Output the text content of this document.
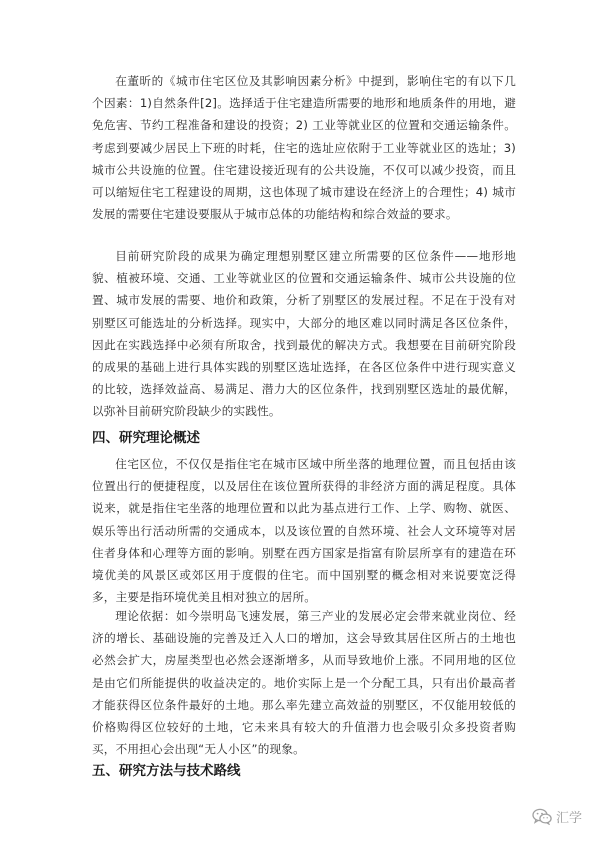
在董昕的《城市住宅区位及其影响因素分析》中提到，影响住宅的有以下几个因素：1)自然条件[2]。选择适于住宅建造所需要的地形和地质条件的用地，避免危害、节约工程准备和建设的投资；2) 工业等就业区的位置和交通运输条件。考虑到要减少居民上下班的时耗，住宅的选址应依附于工业等就业区的选址；3) 城市公共设施的位置。住宅建设接近现有的公共设施，不仅可以减少投资，而且可以缩短住宅工程建设的周期，这也体现了城市建设在经济上的合理性；4) 城市发展的需要住宅建设要服从于城市总体的功能结构和综合效益的要求。

目前研究阶段的成果为确定理想别墅区建立所需要的区位条件——地形地貌、植被环境、交通、工业等就业区的位置和交通运输条件、城市公共设施的位置、城市发展的需要、地价和政策，分析了别墅区的发展过程。不足在于没有对别墅区可能选址的分析选择。现实中，大部分的地区难以同时满足各区位条件，因此在实践选择中必须有所取舍，找到最优的解决方式。我想要在目前研究阶段的成果的基础上进行具体实践的别墅区选址选择，在各区位条件中进行现实意义的比较，选择效益高、易满足、潜力大的区位条件，找到别墅区选址的最优解，以弥补目前研究阶段缺少的实践性。

四、研究理论概述

住宅区位，不仅仅是指住宅在城市区域中所坐落的地理位置，而且包括由该位置出行的便捷程度，以及居住在该位置所获得的非经济方面的满足程度。具体说来，就是指住宅坐落的地理位置和以此为基点进行工作、上学、购物、就医、娱乐等出行活动所需的交通成本，以及该位置的自然环境、社会人文环境等对居住者身体和心理等方面的影响。别墅在西方国家是指富有阶层所享有的建造在环境优美的风景区或郊区用于度假的住宅。而中国别墅的概念相对来说要宽泛得多，主要是指环境优美且相对独立的居所。

理论依据：如今崇明岛飞速发展，第三产业的发展必定会带来就业岗位、经济的增长、基础设施的完善及迁入人口的增加，这会导致其居住区所占的土地也必然会扩大，房屋类型也必然会逐渐增多，从而导致地价上涨。不同用地的区位是由它们所能提供的收益决定的。地价实际上是一个分配工具，只有出价最高者才能获得区位条件最好的土地。那么率先建立高效益的别墅区，不仅能用较低的价格购得区位较好的土地，它未来具有较大的升值潜力也会吸引众多投资者购买，不用担心会出现“无人小区”的现象。

五、研究方法与技术路线
汇学
